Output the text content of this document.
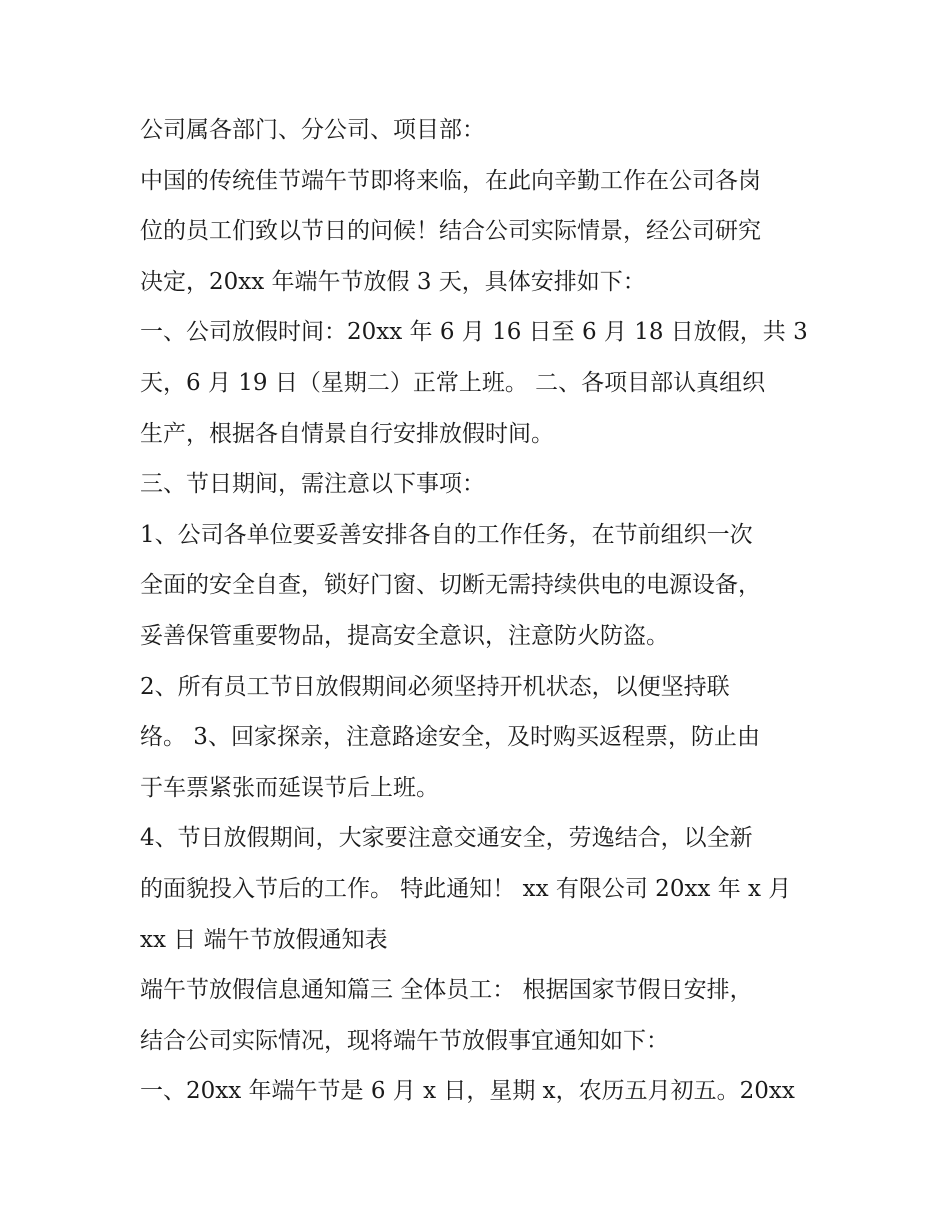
公司属各部门、分公司、项目部：

中国的传统佳节端午节即将来临，在此向辛勤工作在公司各岗

位的员工们致以节日的问候！结合公司实际情景，经公司研究

决定，20xx 年端午节放假 3 天，具体安排如下：

一、公司放假时间：20xx 年 6 月 16 日至 6 月 18 日放假，共 3

天，6 月 19 日（星期二）正常上班。 二、各项目部认真组织

生产，根据各自情景自行安排放假时间。

三、节日期间，需注意以下事项：

1、公司各单位要妥善安排各自的工作任务，在节前组织一次

全面的安全自查，锁好门窗、切断无需持续供电的电源设备，

妥善保管重要物品，提高安全意识，注意防火防盗。

2、所有员工节日放假期间必须坚持开机状态，以便坚持联

络。 3、回家探亲，注意路途安全，及时购买返程票，防止由

于车票紧张而延误节后上班。

4、节日放假期间，大家要注意交通安全，劳逸结合，以全新

的面貌投入节后的工作。 特此通知！ xx 有限公司 20xx 年 x 月

xx 日 端午节放假通知表

端午节放假信息通知篇三 全体员工： 根据国家节假日安排，

结合公司实际情况，现将端午节放假事宜通知如下：

一、20xx 年端午节是 6 月 x 日，星期 x，农历五月初五。20xx
